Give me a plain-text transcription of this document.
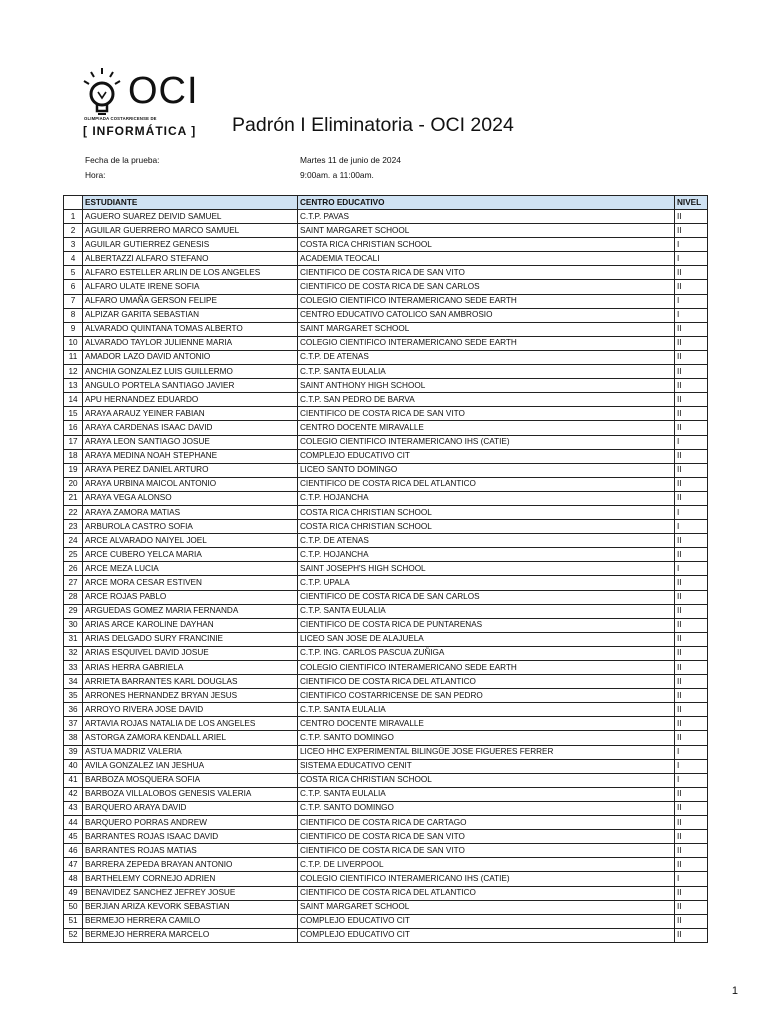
OCI
OLIMPIADA COSTARRICENSE DE
[ INFORMÁTICA ] Padrón I Eliminatoria - OCI 2024
Fecha de la prueba:	Martes 11 de junio de 2024
Hora:	9:00am. a 11:00am.
	ESTUDIANTE	CENTRO EDUCATIVO	NIVEL
1	AGUERO SUAREZ DEIVID SAMUEL	C.T.P. PAVAS	II
2	AGUILAR GUERRERO MARCO SAMUEL	SAINT MARGARET SCHOOL	II
3	AGUILAR GUTIERREZ GENESIS	COSTA RICA CHRISTIAN SCHOOL	I
4	ALBERTAZZI ALFARO STEFANO	ACADEMIA TEOCALI	I
5	ALFARO ESTELLER ARLIN DE LOS ANGELES	CIENTIFICO DE COSTA RICA DE SAN VITO	II
6	ALFARO ULATE IRENE SOFIA	CIENTIFICO DE COSTA RICA DE SAN CARLOS	II
7	ALFARO UMAÑA GERSON FELIPE	COLEGIO CIENTIFICO INTERAMERICANO SEDE EARTH	I
8	ALPIZAR GARITA SEBASTIAN	CENTRO EDUCATIVO CATOLICO SAN AMBROSIO	I
9	ALVARADO QUINTANA TOMAS ALBERTO	SAINT MARGARET SCHOOL	II
10	ALVARADO TAYLOR JULIENNE MARIA	COLEGIO CIENTIFICO INTERAMERICANO SEDE EARTH	II
11	AMADOR LAZO DAVID ANTONIO	C.T.P. DE ATENAS	II
12	ANCHIA GONZALEZ LUIS GUILLERMO	C.T.P. SANTA EULALIA	II
13	ANGULO PORTELA SANTIAGO JAVIER	SAINT ANTHONY HIGH SCHOOL	II
14	APU HERNANDEZ EDUARDO	C.T.P. SAN PEDRO DE BARVA	II
15	ARAYA ARAUZ YEINER FABIAN	CIENTIFICO DE COSTA RICA DE SAN VITO	II
16	ARAYA CARDENAS ISAAC DAVID	CENTRO DOCENTE MIRAVALLE	II
17	ARAYA LEON SANTIAGO JOSUE	COLEGIO CIENTIFICO INTERAMERICANO IHS (CATIE)	I
18	ARAYA MEDINA NOAH STEPHANE	COMPLEJO EDUCATIVO CIT	II
19	ARAYA PEREZ DANIEL ARTURO	LICEO SANTO DOMINGO	II
20	ARAYA URBINA MAICOL ANTONIO	CIENTIFICO DE COSTA RICA DEL ATLANTICO	II
21	ARAYA VEGA ALONSO	C.T.P. HOJANCHA	II
22	ARAYA ZAMORA MATIAS	COSTA RICA CHRISTIAN SCHOOL	I
23	ARBUROLA CASTRO SOFIA	COSTA RICA CHRISTIAN SCHOOL	I
24	ARCE ALVARADO NAIYEL JOEL	C.T.P. DE ATENAS	II
25	ARCE CUBERO YELCA MARIA	C.T.P. HOJANCHA	II
26	ARCE MEZA LUCIA	SAINT JOSEPH'S HIGH SCHOOL	I
27	ARCE MORA CESAR ESTIVEN	C.T.P. UPALA	II
28	ARCE ROJAS PABLO	CIENTIFICO DE COSTA RICA DE SAN CARLOS	II
29	ARGUEDAS GOMEZ MARIA FERNANDA	C.T.P. SANTA EULALIA	II
30	ARIAS ARCE KAROLINE DAYHAN	CIENTIFICO DE COSTA RICA DE PUNTARENAS	II
31	ARIAS DELGADO SURY FRANCINIE	LICEO SAN JOSE DE ALAJUELA	II
32	ARIAS ESQUIVEL DAVID JOSUE	C.T.P. ING. CARLOS PASCUA ZUÑIGA	II
33	ARIAS HERRA GABRIELA	COLEGIO CIENTIFICO INTERAMERICANO SEDE EARTH	II
34	ARRIETA BARRANTES KARL DOUGLAS	CIENTIFICO DE COSTA RICA DEL ATLANTICO	II
35	ARRONES HERNANDEZ BRYAN JESUS	CIENTIFICO COSTARRICENSE DE SAN PEDRO	II
36	ARROYO RIVERA JOSE DAVID	C.T.P. SANTA EULALIA	II
37	ARTAVIA ROJAS NATALIA DE LOS ANGELES	CENTRO DOCENTE MIRAVALLE	II
38	ASTORGA ZAMORA KENDALL ARIEL	C.T.P. SANTO DOMINGO	II
39	ASTUA MADRIZ VALERIA	LICEO HHC EXPERIMENTAL BILINGÜE JOSE FIGUERES FERRER	I
40	AVILA GONZALEZ IAN JESHUA	SISTEMA EDUCATIVO CENIT	I
41	BARBOZA MOSQUERA SOFIA	COSTA RICA CHRISTIAN SCHOOL	I
42	BARBOZA VILLALOBOS GENESIS VALERIA	C.T.P. SANTA EULALIA	II
43	BARQUERO ARAYA DAVID	C.T.P. SANTO DOMINGO	II
44	BARQUERO PORRAS ANDREW	CIENTIFICO DE COSTA RICA DE CARTAGO	II
45	BARRANTES ROJAS ISAAC DAVID	CIENTIFICO DE COSTA RICA DE SAN VITO	II
46	BARRANTES ROJAS MATIAS	CIENTIFICO DE COSTA RICA DE SAN VITO	II
47	BARRERA ZEPEDA BRAYAN ANTONIO	C.T.P. DE LIVERPOOL	II
48	BARTHELEMY CORNEJO ADRIEN	COLEGIO CIENTIFICO INTERAMERICANO IHS (CATIE)	I
49	BENAVIDEZ SANCHEZ JEFREY JOSUE	CIENTIFICO DE COSTA RICA DEL ATLANTICO	II
50	BERJIAN ARIZA KEVORK SEBASTIAN	SAINT MARGARET SCHOOL	II
51	BERMEJO HERRERA CAMILO	COMPLEJO EDUCATIVO CIT	II
52	BERMEJO HERRERA MARCELO	COMPLEJO EDUCATIVO CIT	II
1
